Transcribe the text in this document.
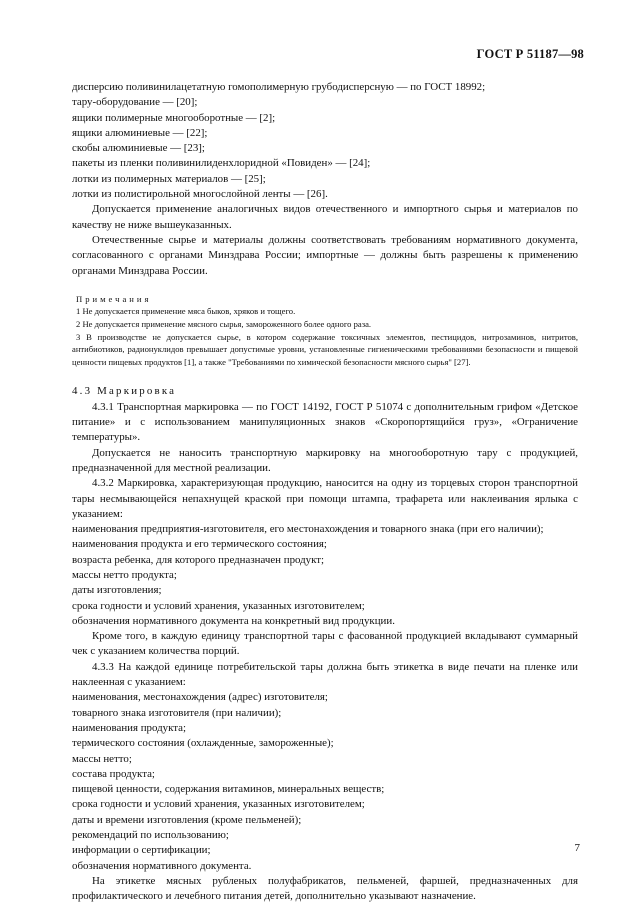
ГОСТ Р 51187—98

дисперсию поливинилацетатную гомополимерную грубодисперсную — по ГОСТ 18992;

тару-оборудование — [20];

ящики полимерные многооборотные — [2];

ящики алюминиевые — [22];

скобы алюминиевые — [23];

пакеты из пленки поливинилиденхлоридной «Повиден» — [24];

лотки из полимерных материалов — [25];

лотки из полистирольной многослойной ленты — [26].

Допускается применение аналогичных видов отечественного и импортного сырья и материалов по качеству не ниже вышеуказанных.

Отечественные сырье и материалы должны соответствовать требованиям нормативного документа, согласованного с органами Минздрава России; импортные — должны быть разрешены к применению органами Минздрава России.

Примечания

1 Не допускается применение мяса быков, хряков и тощего.

2 Не допускается применение мясного сырья, замороженного более одного раза.

3 В производстве не допускается сырье, в котором содержание токсичных элементов, пестицидов, нитрозаминов, нитритов, антибиотиков, радионуклидов превышает допустимые уровни, установленные гигиеническими требованиями безопасности и пищевой ценности пищевых продуктов [1], а также "Требованиями по химической безопасности мясного сырья" [27].

4.3 Маркировка

4.3.1 Транспортная маркировка — по ГОСТ 14192, ГОСТ Р 51074 с дополнительным грифом «Детское питание» и с использованием манипуляционных знаков «Скоропортящийся груз», «Ограничение температуры».

Допускается не наносить транспортную маркировку на многооборотную тару с продукцией, предназначенной для местной реализации.

4.3.2 Маркировка, характеризующая продукцию, наносится на одну из торцевых сторон транспортной тары несмывающейся непахнущей краской при помощи штампа, трафарета или наклеивания ярлыка с указанием:

наименования предприятия-изготовителя, его местонахождения и товарного знака (при его наличии);

наименования продукта и его термического состояния;

возраста ребенка, для которого предназначен продукт;

массы нетто продукта;

даты изготовления;

срока годности и условий хранения, указанных изготовителем;

обозначения нормативного документа на конкретный вид продукции.

Кроме того, в каждую единицу транспортной тары с фасованной продукцией вкладывают суммарный чек с указанием количества порций.

4.3.3 На каждой единице потребительской тары должна быть этикетка в виде печати на пленке или наклеенная с указанием:

наименования, местонахождения (адрес) изготовителя;

товарного знака изготовителя (при наличии);

наименования продукта;

термического состояния (охлажденные, замороженные);

массы нетто;

состава продукта;

пищевой ценности, содержания витаминов, минеральных веществ;

срока годности и условий хранения, указанных изготовителем;

даты и времени изготовления (кроме пельменей);

рекомендаций по использованию;

информации о сертификации;

обозначения нормативного документа.

На этикетке мясных рубленых полуфабрикатов, пельменей, фаршей, предназначенных для профилактического и лечебного питания детей, дополнительно указывают назначение.

7
